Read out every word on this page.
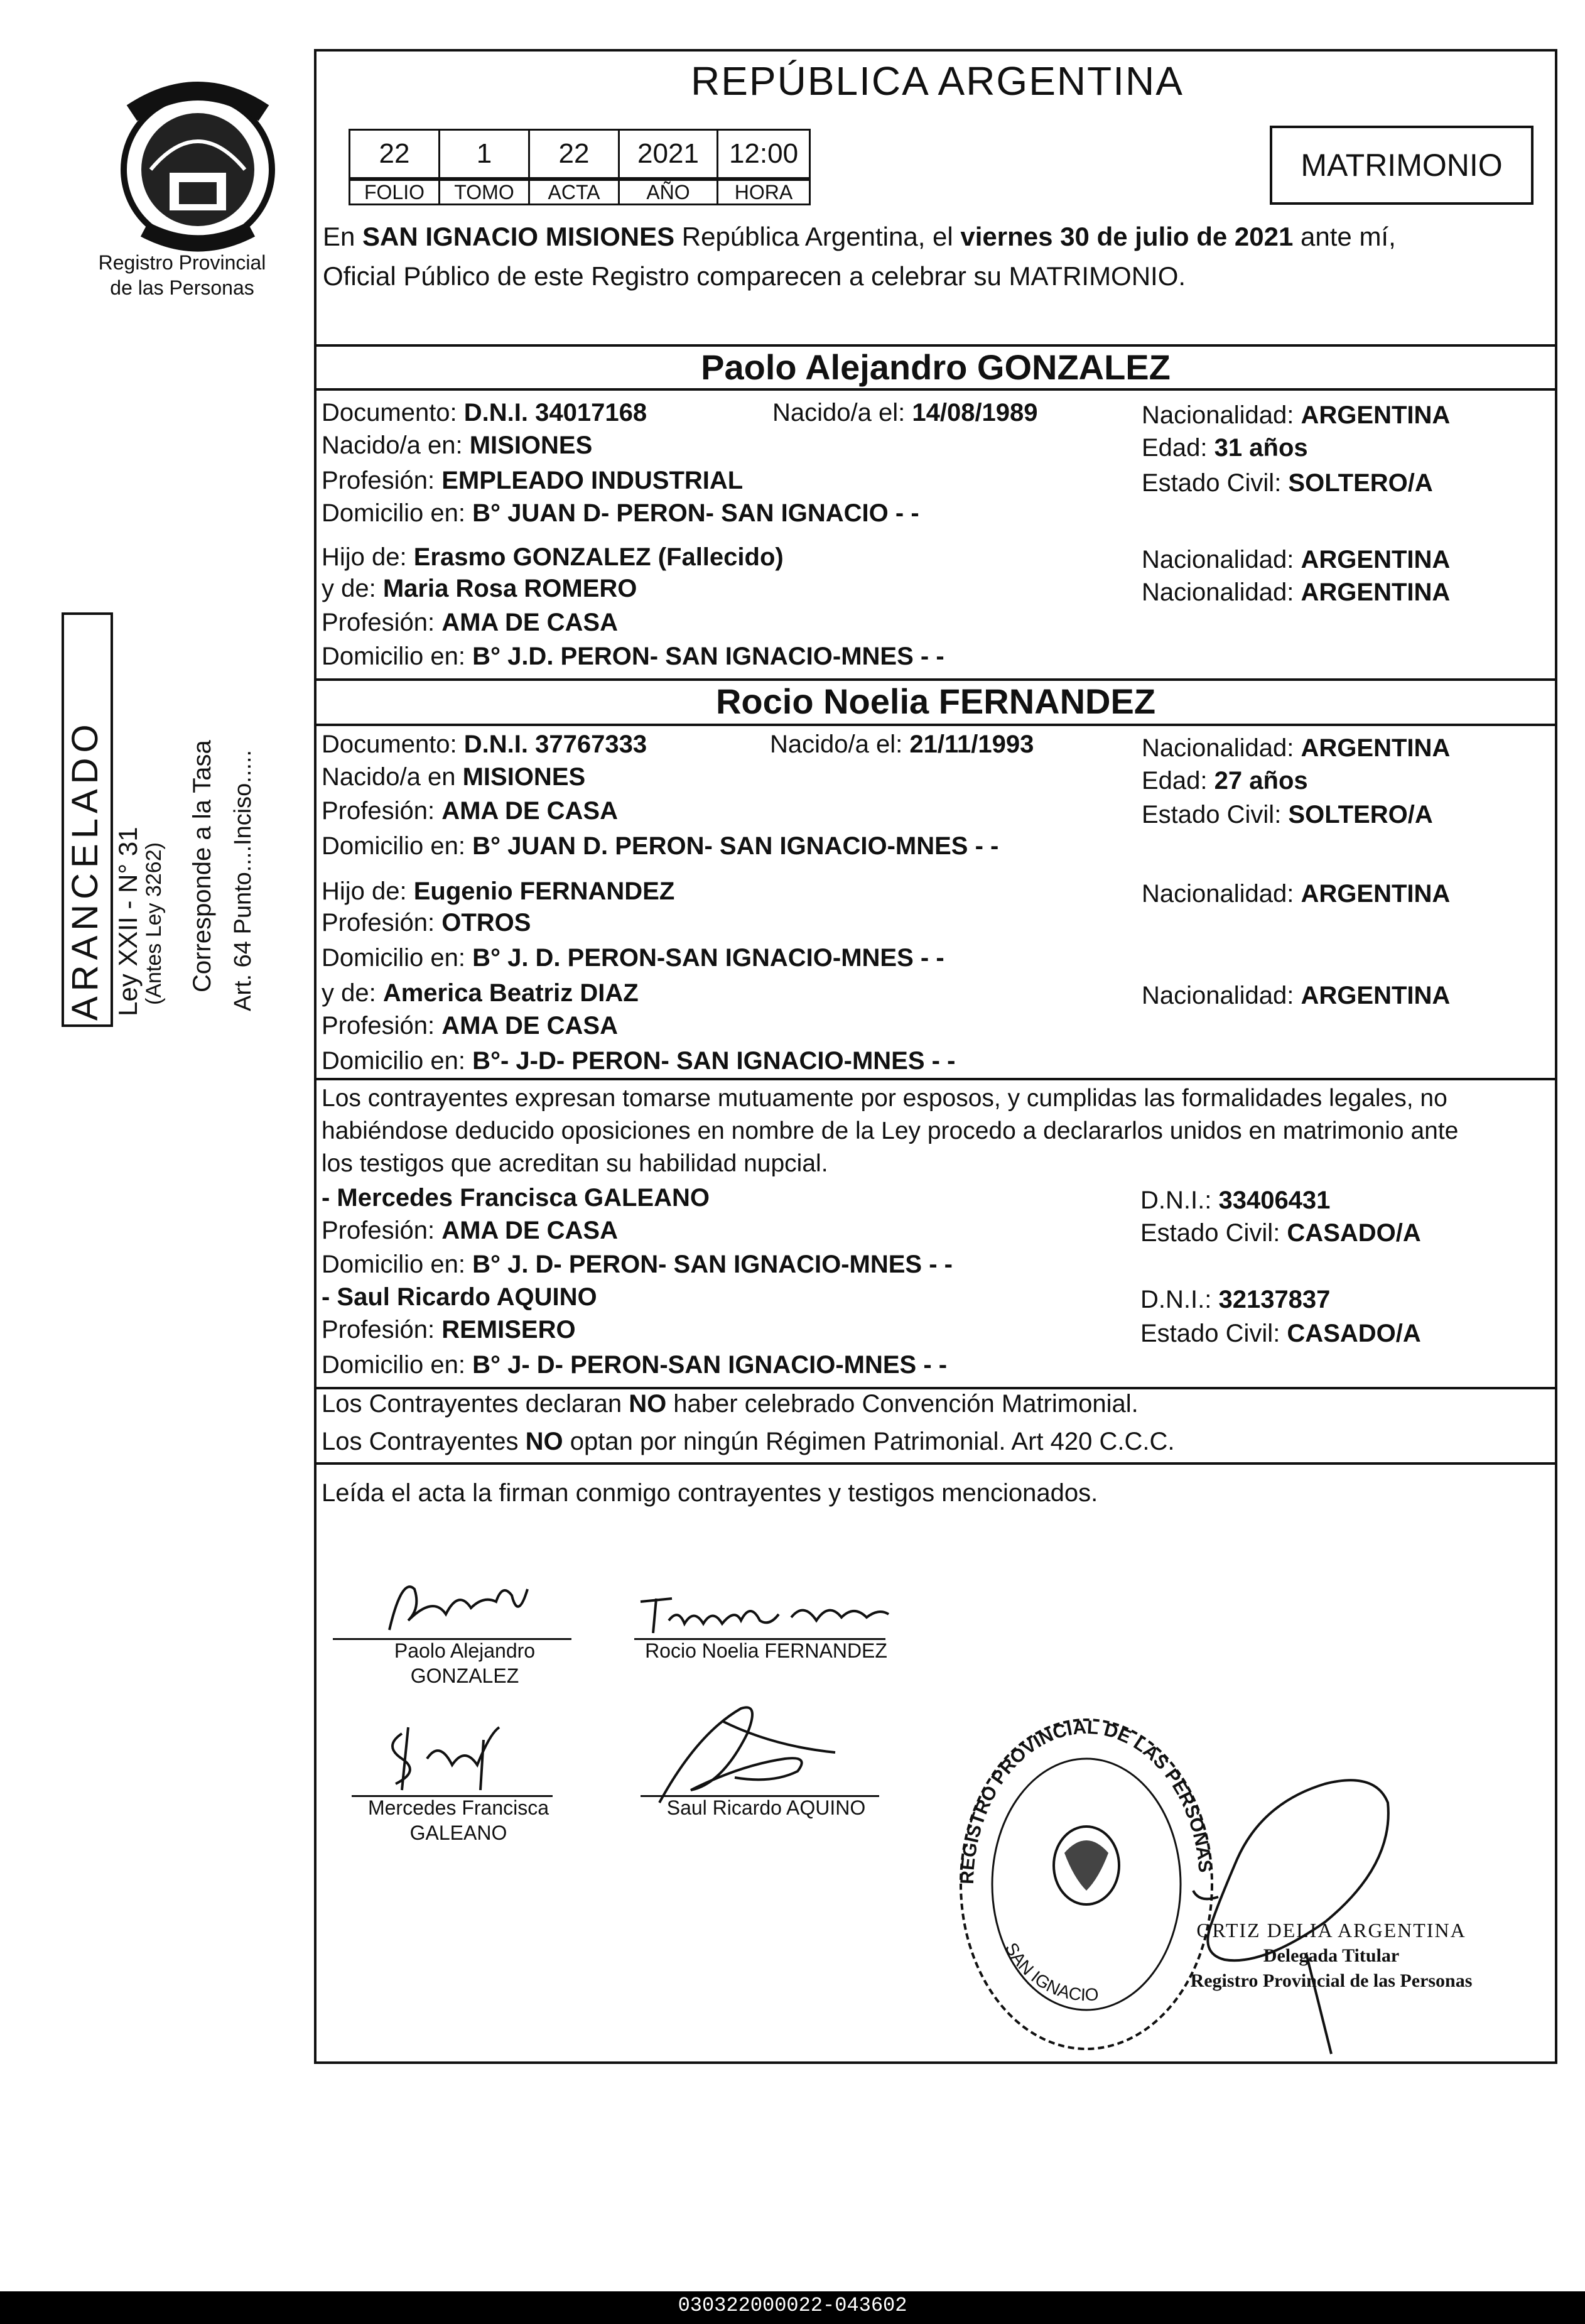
Registro Provincial
de las Personas
ARANCELADO Ley XXII - N° 31 (Antes Ley 3262) Corresponde a la Tasa Art. 64 Punto....Inciso.....
REPÚBLICA ARGENTINA
MATRIMONIO
22	1	22	2021	12:00
FOLIO	TOMO	ACTA	AÑO	HORA
En SAN IGNACIO MISIONES República Argentina, el viernes 30 de julio de 2021 ante mí,
Oficial Público de este Registro comparecen a celebrar su MATRIMONIO.
Paolo Alejandro GONZALEZ
Documento: D.N.I. 34017168	Nacido/a el: 14/08/1989	Nacionalidad: ARGENTINA
Nacido/a en: MISIONES	Edad: 31 años
Profesión: EMPLEADO INDUSTRIAL	Estado Civil: SOLTERO/A
Domicilio en: B° JUAN D- PERON- SAN IGNACIO - -
Hijo de: Erasmo GONZALEZ (Fallecido)	Nacionalidad: ARGENTINA
y de: Maria Rosa ROMERO	Nacionalidad: ARGENTINA
Profesión: AMA DE CASA
Domicilio en: B° J.D. PERON- SAN IGNACIO-MNES - -
Rocio Noelia FERNANDEZ
Documento: D.N.I. 37767333	Nacido/a el: 21/11/1993	Nacionalidad: ARGENTINA
Nacido/a en MISIONES	Edad: 27 años
Profesión: AMA DE CASA	Estado Civil: SOLTERO/A
Domicilio en: B° JUAN D. PERON- SAN IGNACIO-MNES - -
Hijo de: Eugenio FERNANDEZ	Nacionalidad: ARGENTINA
Profesión: OTROS
Domicilio en: B° J. D. PERON-SAN IGNACIO-MNES - -
y de: America Beatriz DIAZ	Nacionalidad: ARGENTINA
Profesión: AMA DE CASA
Domicilio en: B°- J-D- PERON- SAN IGNACIO-MNES - -
Los contrayentes expresan tomarse mutuamente por esposos, y cumplidas las formalidades legales, no
habiéndose deducido oposiciones en nombre de la Ley procedo a declararlos unidos en matrimonio ante
los testigos que acreditan su habilidad nupcial.
- Mercedes Francisca GALEANO	D.N.I.: 33406431
Profesión: AMA DE CASA	Estado Civil: CASADO/A
Domicilio en: B° J. D- PERON- SAN IGNACIO-MNES - -
- Saul Ricardo AQUINO	D.N.I.: 32137837
Profesión: REMISERO	Estado Civil: CASADO/A
Domicilio en: B° J- D- PERON-SAN IGNACIO-MNES - -
Los Contrayentes declaran NO haber celebrado Convención Matrimonial.
Los Contrayentes NO optan por ningún Régimen Patrimonial. Art 420 C.C.C.
Leída el acta la firman conmigo contrayentes y testigos mencionados.
Paolo Alejandro
GONZALEZ
Rocio Noelia FERNANDEZ
Mercedes Francisca
GALEANO
Saul Ricardo AQUINO
REGISTRO PROVINCIAL DE LAS PERSONAS
SAN IGNACIO
ORTIZ DELIA ARGENTINA
Delegada Titular
Registro Provincial de las Personas
030322000022-043602
